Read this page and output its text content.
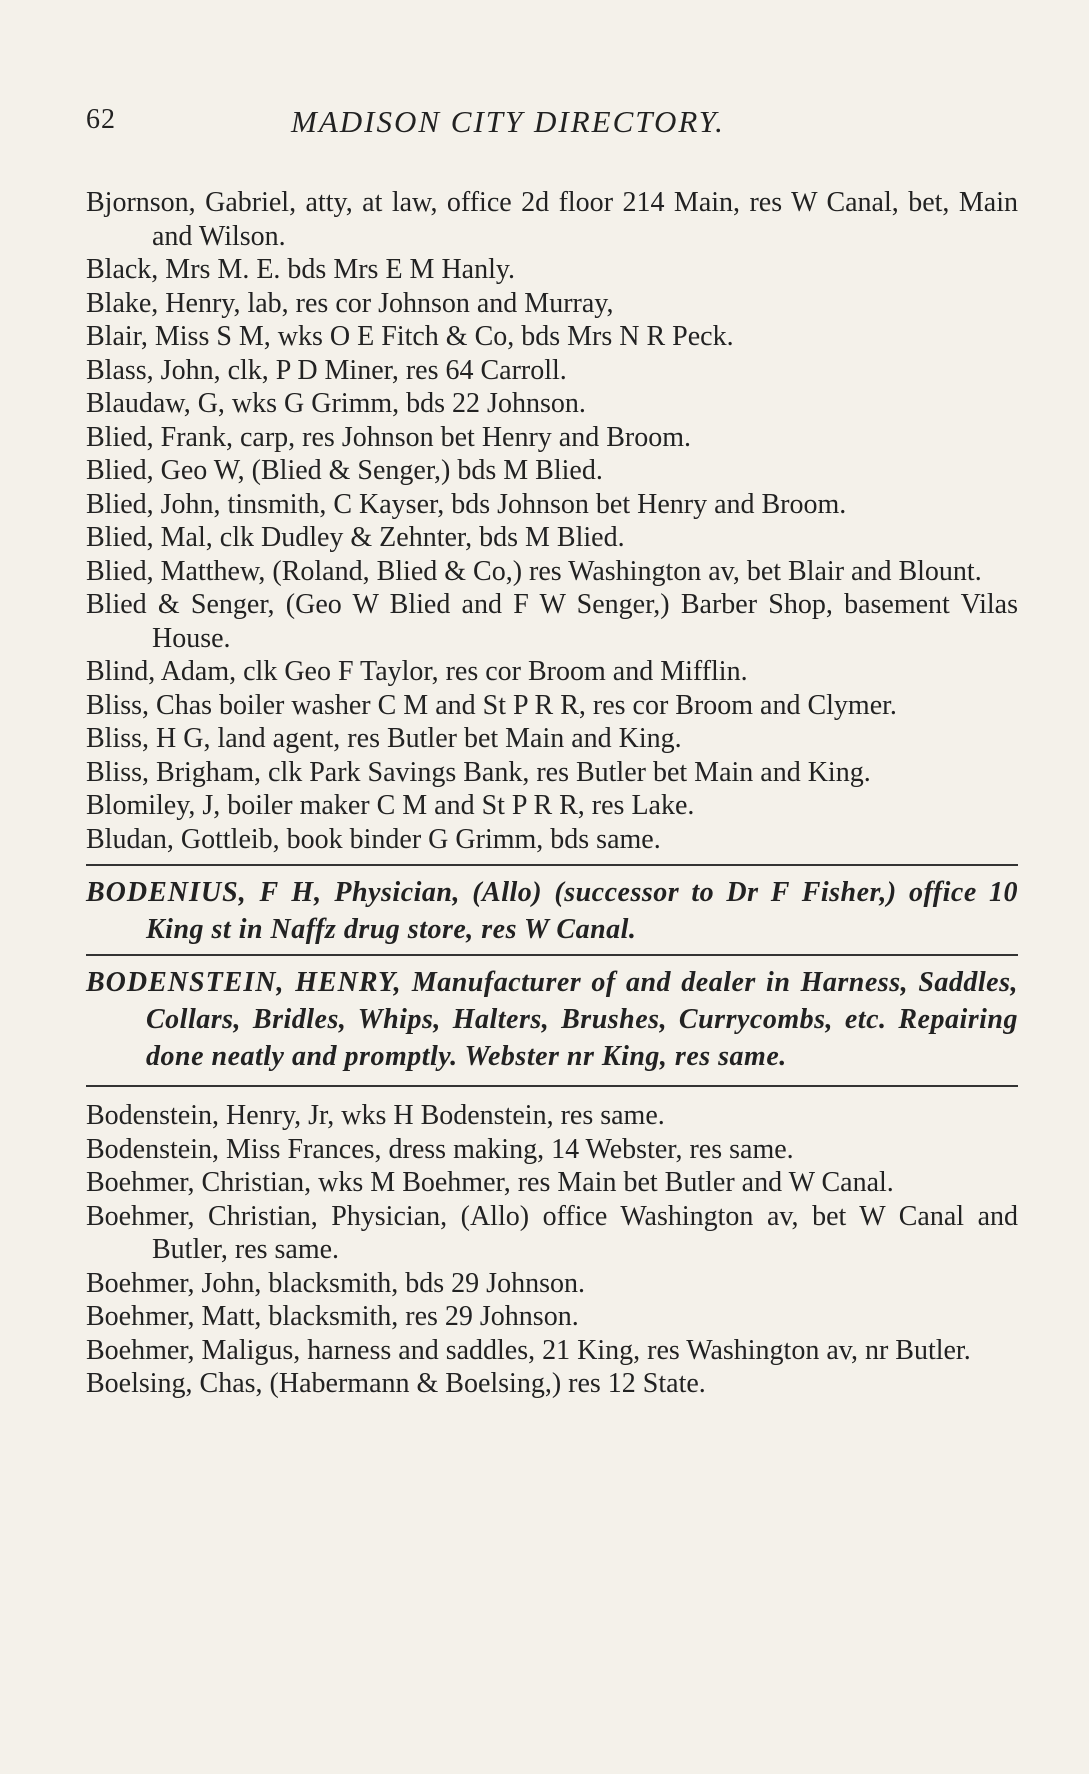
62	MADISON CITY DIRECTORY.
Bjornson, Gabriel, atty, at law, office 2d floor 214 Main, res W Canal, bet, Main and Wilson.
Black, Mrs M. E. bds Mrs E M Hanly.
Blake, Henry, lab, res cor Johnson and Murray,
Blair, Miss S M, wks O E Fitch & Co, bds Mrs N R Peck.
Blass, John, clk, P D Miner, res 64 Carroll.
Blaudaw, G, wks G Grimm, bds 22 Johnson.
Blied, Frank, carp, res Johnson bet Henry and Broom.
Blied, Geo W, (Blied & Senger,) bds M Blied.
Blied, John, tinsmith, C Kayser, bds Johnson bet Henry and Broom.
Blied, Mal, clk Dudley & Zehnter, bds M Blied.
Blied, Matthew, (Roland, Blied & Co,) res Washington av, bet Blair and Blount.
Blied & Senger, (Geo W Blied and F W Senger,) Barber Shop, basement Vilas House.
Blind, Adam, clk Geo F Taylor, res cor Broom and Mifflin.
Bliss, Chas boiler washer C M and St P R R, res cor Broom and Clymer.
Bliss, H G, land agent, res Butler bet Main and King.
Bliss, Brigham, clk Park Savings Bank, res Butler bet Main and King.
Blomiley, J, boiler maker C M and St P R R, res Lake.
Bludan, Gottleib, book binder G Grimm, bds same.
BODENIUS, F H, Physician, (Allo) (successor to Dr F Fisher,) office 10 King st in Naffz drug store, res W Canal.
BODENSTEIN, HENRY, Manufacturer of and dealer in Harness, Saddles, Collars, Bridles, Whips, Halters, Brushes, Currycombs, etc. Repairing done neatly and promptly. Webster nr King, res same.
Bodenstein, Henry, Jr, wks H Bodenstein, res same.
Bodenstein, Miss Frances, dress making, 14 Webster, res same.
Boehmer, Christian, wks M Boehmer, res Main bet Butler and W Canal.
Boehmer, Christian, Physician, (Allo) office Washington av, bet W Canal and Butler, res same.
Boehmer, John, blacksmith, bds 29 Johnson.
Boehmer, Matt, blacksmith, res 29 Johnson.
Boehmer, Maligus, harness and saddles, 21 King, res Washington av, nr Butler.
Boelsing, Chas, (Habermann & Boelsing,) res 12 State.
